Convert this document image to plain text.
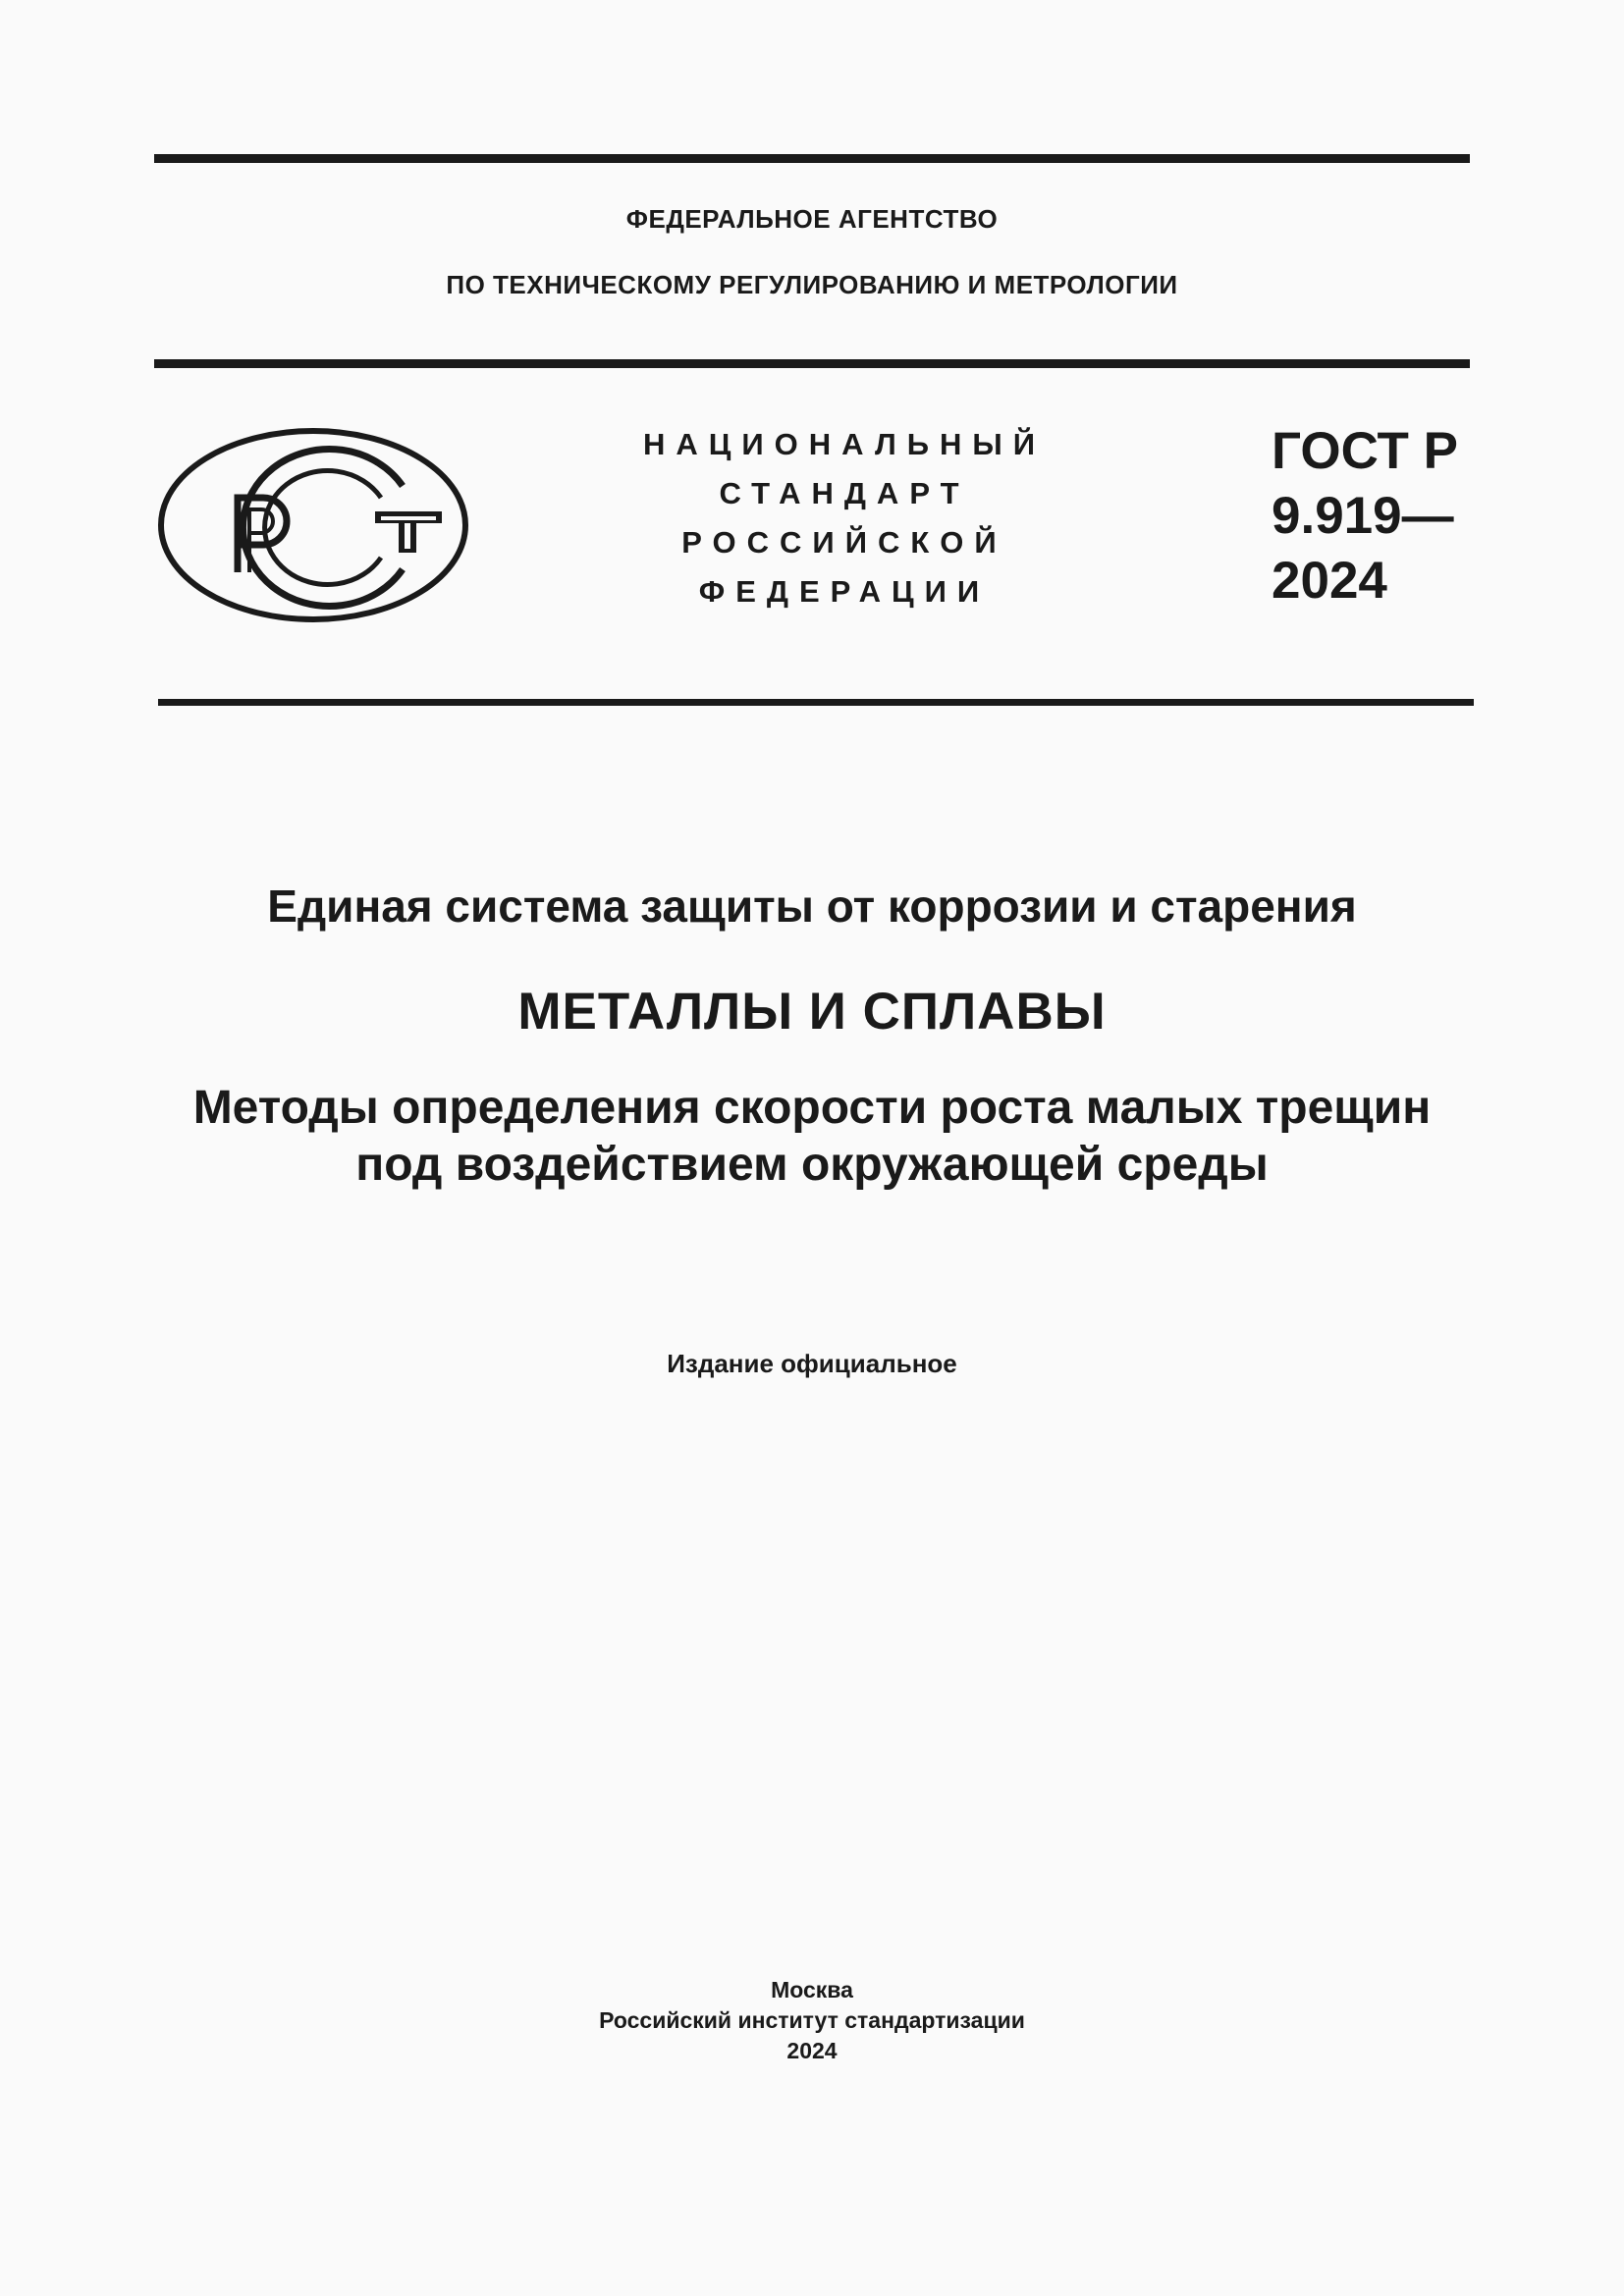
ФЕДЕРАЛЬНОЕ АГЕНТСТВО
ПО ТЕХНИЧЕСКОМУ РЕГУЛИРОВАНИЮ И МЕТРОЛОГИИ
НАЦИОНАЛЬНЫЙ
СТАНДАРТ
РОССИЙСКОЙ
ФЕДЕРАЦИИ
ГОСТ Р
9.919—
2024
Единая система защиты от коррозии и старения
МЕТАЛЛЫ И СПЛАВЫ
Методы определения скорости роста малых трещин
под воздействием окружающей среды
Издание официальное
Москва
Российский институт стандартизации
2024
